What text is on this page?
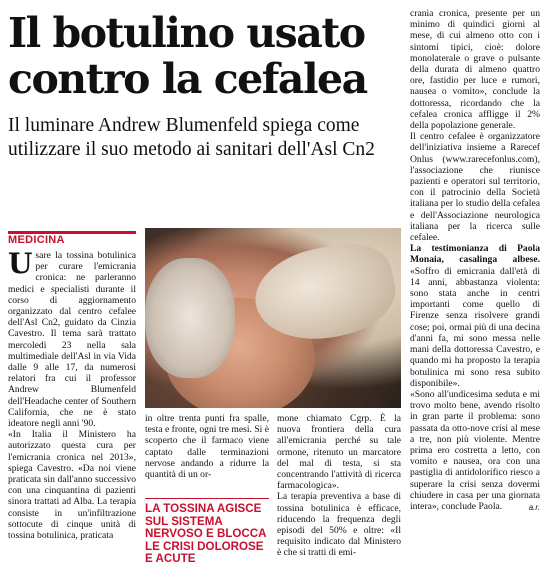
Il botulino usato contro la cefalea

Il luminare Andrew Blumenfeld spiega come utilizzare il suo metodo ai sanitari dell'Asl Cn2

MEDICINA

Usare la tossina botulinica per curare l'emicrania cronica: ne parleranno medici e specialisti durante il corso di aggiornamento organizzato dal centro cefalee dell'Asl Cn2, guidato da Cinzia Cavestro. Il tema sarà trattato mercoledì 23 nella sala multimediale dell'Asl in via Vida dalle 9 alle 17, da numerosi relatori fra cui il professor Andrew Blumenfeld dell'Headache center of Southern California, che ne è stato ideatore negli anni '90.

«In Italia il Ministero ha autorizzato questa cura per l'emicrania cronica nel 2013», spiega Cavestro. «Da noi viene praticata sin dall'anno successivo con una cinquantina di pazienti sinora trattati ad Alba. La terapia consiste in un'infiltrazione sottocute di cinque unità di tossina botulinica, praticata

in oltre trenta punti fra spalle, testa e fronte, ogni tre mesi. Si è scoperto che il farmaco viene captato dalle terminazioni nervose andando a ridurre la quantità di un or-

LA TOSSINA AGISCE SUL SISTEMA NERVOSO E BLOCCA LE CRISI DOLOROSE E ACUTE

mone chiamato Cgrp. È la nuova frontiera della cura all'emicrania perché su tale ormone, ritenuto un marcatore del mal di testa, si sta concentrando l'attività di ricerca farmacologica».

La terapia preventiva a base di tossina botulinica è efficace, riducendo la frequenza degli episodi del 50% e oltre: «Il requisito indicato dal Ministero è che si tratti di emi-

crania cronica, presente per un minimo di quindici giorni al mese, di cui almeno otto con i sintomi tipici, cioè: dolore monolaterale o grave o pulsante della durata di almeno quattro ore, fastidio per luce e rumori, nausea o vomito», conclude la dottoressa, ricordando che la cefalea cronica affligge il 2% della popolazione generale.

Il centro cefalee è organizzatore dell'iniziativa insieme a Rarecef Onlus (www.rarecefonlus.com), l'associazione che riunisce pazienti e operatori sul territorio, con il patrocinio della Società italiana per lo studio della cefalea e dell'Associazione neurologica italiana per la ricerca sulle cefalee.

La testimonianza di Paola Monaia, casalinga albese. «Soffro di emicrania dall'età di 14 anni, abbastanza violenta: sono stata anche in centri importanti come quello di Firenze senza risolvere grandi cose; poi, ormai più di una decina d'anni fa, mi sono messa nelle mani della dottoressa Cavestro, e quando mi ha proposto la terapia botulinica mi sono resa subito disponibile».

«Sono all'undicesima seduta e mi trovo molto bene, avendo risolto in gran parte il problema: sono passata da otto-nove crisi al mese a tre, non più violente. Mentre prima ero costretta a letto, con vomito e nausea, ora con una pastiglia di antidolorifico riesco a superare la crisi senza dovermi chiudere in casa per una giornata intera», conclude Paola.	a.r.
